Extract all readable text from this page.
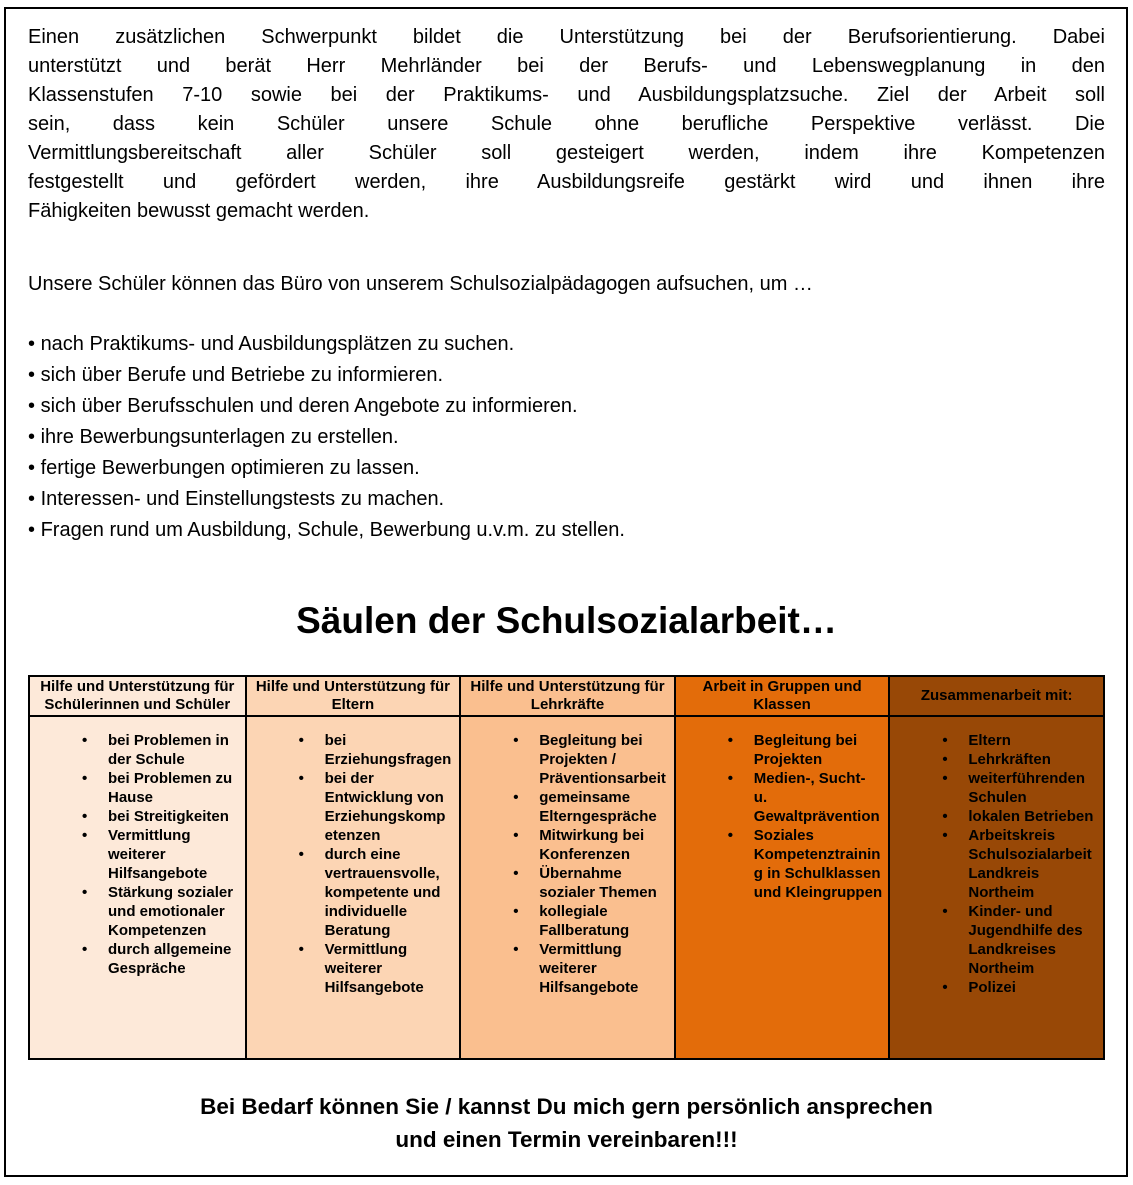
Einen zusätzlichen Schwerpunkt bildet die Unterstützung bei der Berufsorientierung. Dabei
unterstützt und berät Herr Mehrländer bei der Berufs- und Lebenswegplanung in den
Klassenstufen 7-10 sowie bei der Praktikums- und Ausbildungsplatzsuche. Ziel der Arbeit soll
sein, dass kein Schüler unsere Schule ohne berufliche Perspektive verlässt. Die
Vermittlungsbereitschaft aller Schüler soll gesteigert werden, indem ihre Kompetenzen
festgestellt und gefördert werden, ihre Ausbildungsreife gestärkt wird und ihnen ihre
Fähigkeiten bewusst gemacht werden.
Unsere Schüler können das Büro von unserem Schulsozialpädagogen aufsuchen, um …
• nach Praktikums- und Ausbildungsplätzen zu suchen.
• sich über Berufe und Betriebe zu informieren.
• sich über Berufsschulen und deren Angebote zu informieren.
• ihre Bewerbungsunterlagen zu erstellen.
• fertige Bewerbungen optimieren zu lassen.
• Interessen- und Einstellungstests zu machen.
• Fragen rund um Ausbildung, Schule, Bewerbung u.v.m. zu stellen.
Säulen der Schulsozialarbeit…
Hilfe und Unterstützung für Schülerinnen und Schüler
• bei Problemen in der Schule
• bei Problemen zu Hause
• bei Streitigkeiten
• Vermittlung weiterer Hilfsangebote
• Stärkung sozialer und emotionaler Kompetenzen
• durch allgemeine Gespräche
Hilfe und Unterstützung für Eltern
• bei Erziehungsfragen
• bei der Entwicklung von Erziehungskompetenzen
• durch eine vertrauensvolle, kompetente und individuelle Beratung
• Vermittlung weiterer Hilfsangebote
Hilfe und Unterstützung für Lehrkräfte
• Begleitung bei Projekten / Präventionsarbeit
• gemeinsame Elterngespräche
• Mitwirkung bei Konferenzen
• Übernahme sozialer Themen
• kollegiale Fallberatung
• Vermittlung weiterer Hilfsangebote
Arbeit in Gruppen und Klassen
• Begleitung bei Projekten
• Medien-, Sucht- u. Gewaltprävention
• Soziales Kompetenztraining in Schulklassen und Kleingruppen
Zusammenarbeit mit:
• Eltern
• Lehrkräften
• weiterführenden Schulen
• lokalen Betrieben
• Arbeitskreis Schulsozialarbeit Landkreis Northeim
• Kinder- und Jugendhilfe des Landkreises Northeim
• Polizei
Bei Bedarf können Sie / kannst Du mich gern persönlich ansprechen
und einen Termin vereinbaren!!!
